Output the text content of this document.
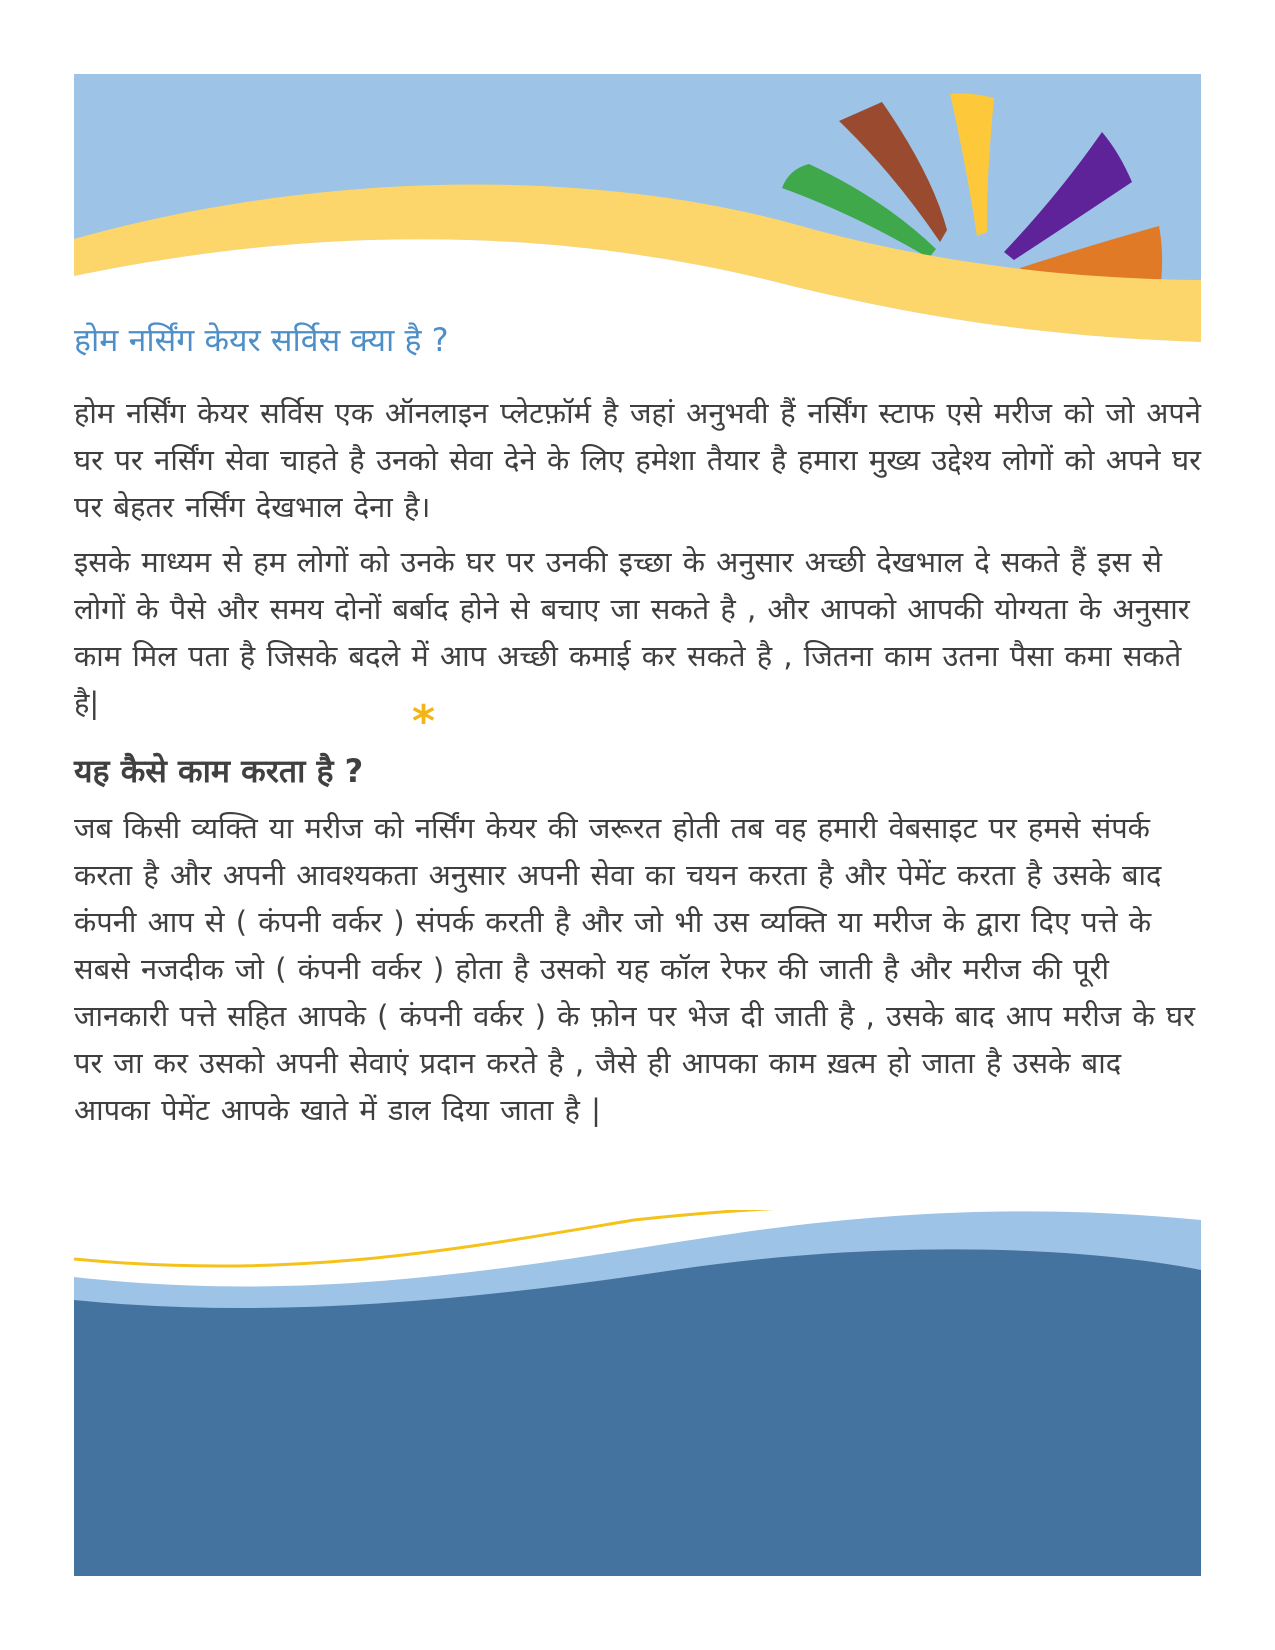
होम नर्सिंग केयर सर्विस क्या है ?

होम नर्सिंग केयर सर्विस एक ऑनलाइन प्लेटफ़ॉर्म है जहां अनुभवी हैं नर्सिंग स्टाफ एसे मरीज को जो अपने घर पर नर्सिंग सेवा चाहते है उनको सेवा देने के लिए हमेशा तैयार है हमारा मुख्य उद्देश्य लोगों को अपने घर पर बेहतर नर्सिंग देखभाल देना है।

इसके माध्यम से हम लोगों को उनके घर पर उनकी इच्छा के अनुसार अच्छी देखभाल दे सकते हैं इस से लोगों के पैसे और समय दोनों बर्बाद होने से बचाए जा सकते है , और आपको आपकी योग्यता के अनुसार काम मिल पता है जिसके बदले में आप अच्छी कमाई कर सकते है , जितना काम उतना पैसा कमा सकते है|

यह कैसे काम करता है ?

जब किसी व्यक्ति या मरीज को नर्सिंग केयर की जरूरत होती तब वह हमारी वेबसाइट पर हमसे संपर्क करता है और अपनी आवश्यकता अनुसार अपनी सेवा का चयन करता है और पेमेंट करता है उसके बाद कंपनी आप से ( कंपनी वर्कर ) संपर्क करती है और जो भी उस व्यक्ति या मरीज के द्वारा दिए पत्ते के सबसे नजदीक जो ( कंपनी वर्कर ) होता है उसको यह कॉल रेफर की जाती है और मरीज की पूरी जानकारी पत्ते सहित आपके ( कंपनी वर्कर ) के फ़ोन पर भेज दी जाती है , उसके बाद आप मरीज के घर पर जा कर उसको अपनी सेवाएं प्रदान करते है , जैसे ही आपका काम ख़त्म हो जाता है उसके बाद आपका पेमेंट आपके खाते में डाल दिया जाता है |

*
